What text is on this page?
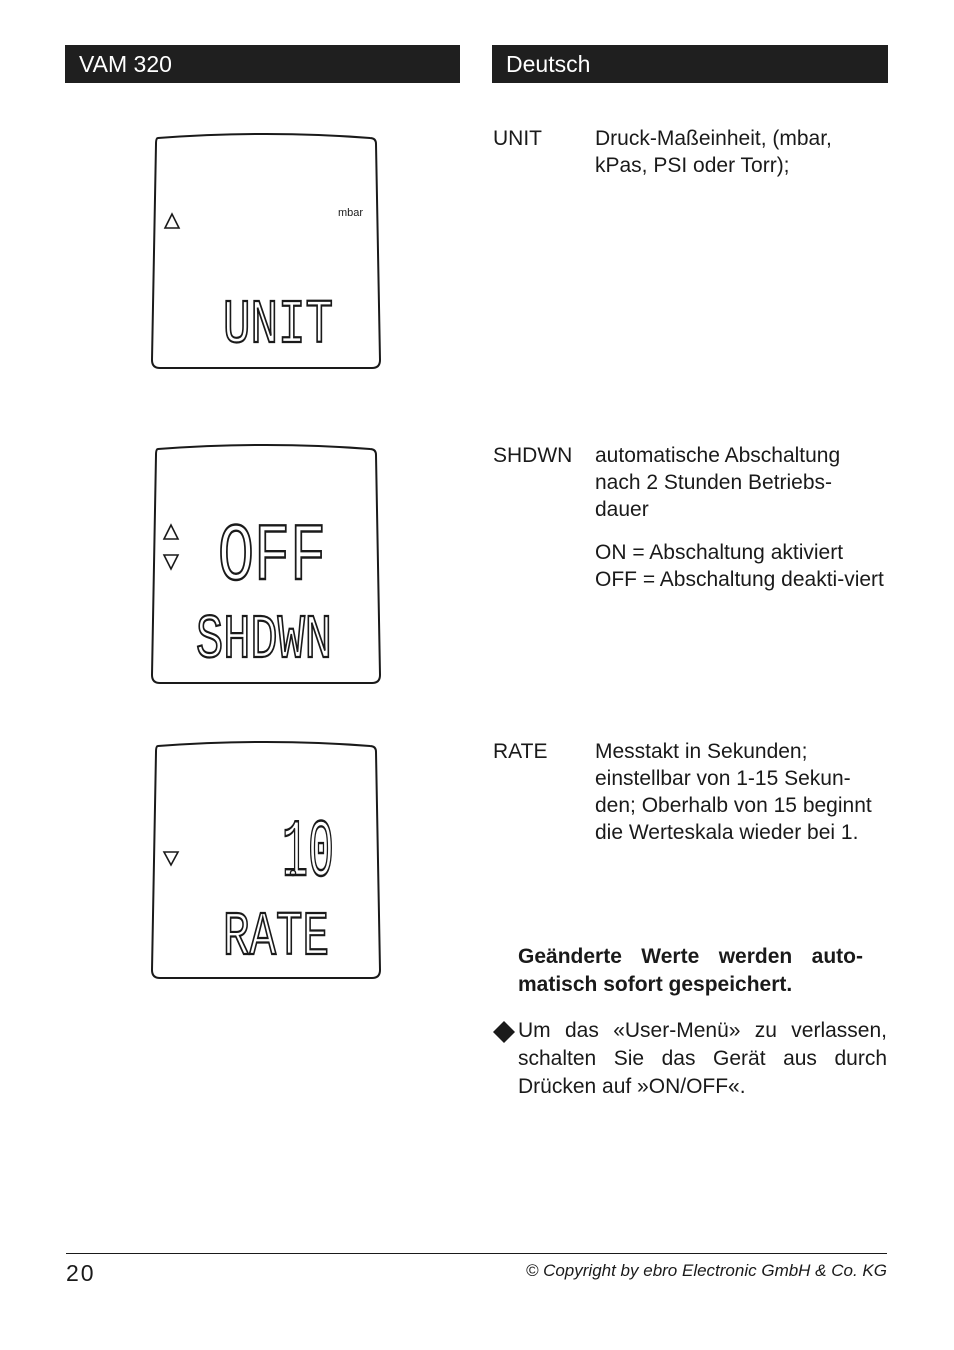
VAM 320	Deutsch
mbar
UNIT
OFF
SHDWN
10
RATE
UNIT	Druck-Maßeinheit, (mbar, kPas, PSI oder Torr);

SHDWN automatische Abschaltung nach 2 Stunden Betriebs-dauer

ON = Abschaltung aktiviert OFF = Abschaltung deakti-viert

RATE Messtakt in Sekunden; einstellbar von 1-15 Sekun-den; Oberhalb von 15 beginnt die Werteskala wieder bei 1.

Geänderte Werte werden auto-matisch sofort gespeichert.
Um das «User-Menü» zu verlassen, schalten Sie das Gerät aus durch Drücken auf »ON/OFF«.
20	© Copyright by ebro Electronic GmbH & Co. KG
